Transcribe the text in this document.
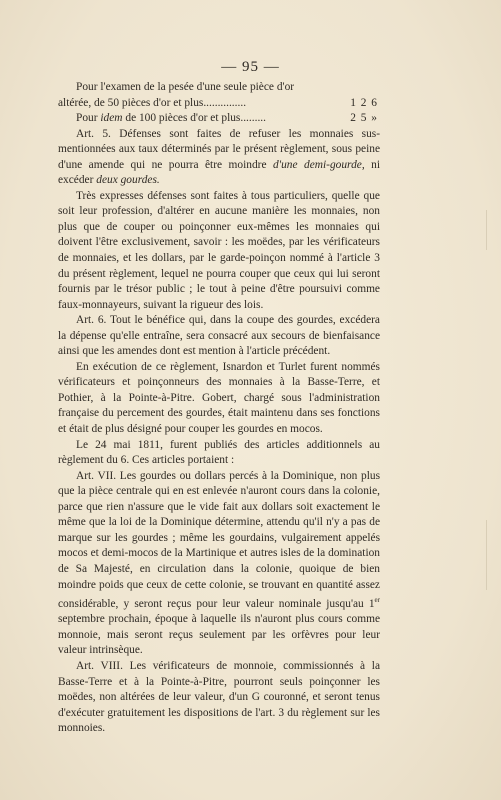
— 95 —

Pour l'examen de la pesée d'une seule pièce d'or

altérée, de 50 pièces d'or et plus...............	1 2 6
Pour idem de 100 pièces d'or et plus.........	2 5 »

Art. 5. Défenses sont faites de refuser les monnaies sus-mentionnées aux taux déterminés par le présent règlement, sous peine d'une amende qui ne pourra être moindre d'une demi-gourde, ni excéder deux gourdes.

Très expresses défenses sont faites à tous particuliers, quelle que soit leur profession, d'altérer en aucune manière les monnaies, non plus que de couper ou poinçonner eux-mêmes les monnaies qui doivent l'être exclusivement, savoir : les moëdes, par les vérificateurs de monnaies, et les dollars, par le garde-poinçon nommé à l'article 3 du présent règlement, lequel ne pourra couper que ceux qui lui seront fournis par le trésor public ; le tout à peine d'être poursuivi comme faux-monnayeurs, suivant la rigueur des lois.

Art. 6. Tout le bénéfice qui, dans la coupe des gourdes, excédera la dépense qu'elle entraîne, sera consacré aux secours de bienfaisance ainsi que les amendes dont est mention à l'article précédent.

En exécution de ce règlement, Isnardon et Turlet furent nommés vérificateurs et poinçonneurs des monnaies à la Basse-Terre, et Pothier, à la Pointe-à-Pitre. Gobert, chargé sous l'administration française du percement des gourdes, était maintenu dans ses fonctions et était de plus désigné pour couper les gourdes en mocos.

Le 24 mai 1811, furent publiés des articles additionnels au règlement du 6. Ces articles portaient :

Art. VII. Les gourdes ou dollars percés à la Dominique, non plus que la pièce centrale qui en est enlevée n'auront cours dans la colonie, parce que rien n'assure que le vide fait aux dollars soit exactement le même que la loi de la Dominique détermine, attendu qu'il n'y a pas de marque sur les gourdes ; même les gourdains, vulgairement appelés mocos et demi-mocos de la Martinique et autres isles de la domination de Sa Majesté, en circulation dans la colonie, quoique de bien moindre poids que ceux de cette colonie, se trouvant en quantité assez considérable, y seront reçus pour leur valeur nominale jusqu'au 1er septembre prochain, époque à laquelle ils n'auront plus cours comme monnoie, mais seront reçus seulement par les orfèvres pour leur valeur intrinsèque.

Art. VIII. Les vérificateurs de monnoie, commissionnés à la Basse-Terre et à la Pointe-à-Pitre, pourront seuls poinçonner les moëdes, non altérées de leur valeur, d'un G couronné, et seront tenus d'exécuter gratuitement les dispositions de l'art. 3 du règlement sur les monnoies.
